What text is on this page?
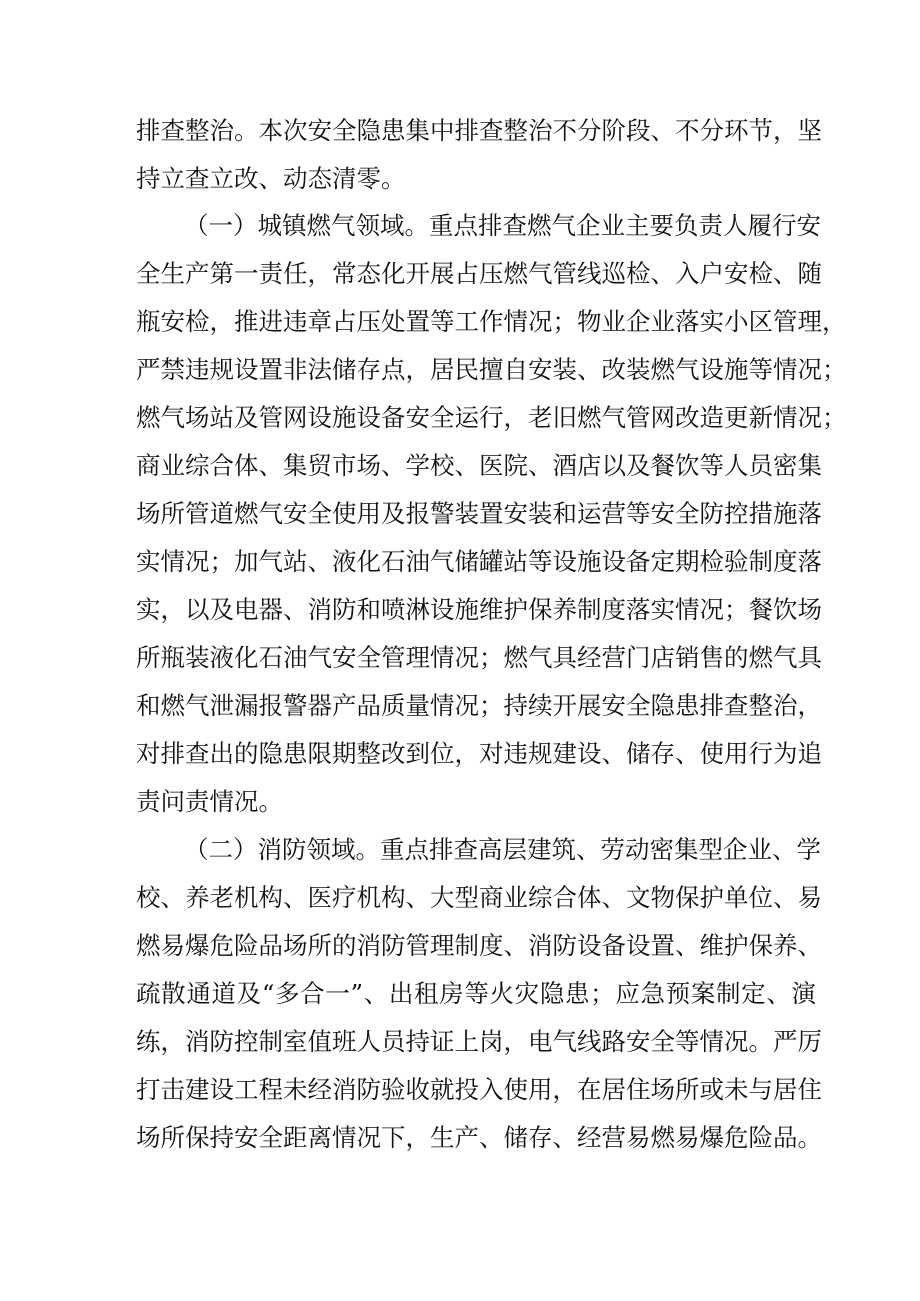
排查整治。本次安全隐患集中排查整治不分阶段、不分环节，坚
持立查立改、动态清零。
（一）城镇燃气领域。重点排查燃气企业主要负责人履行安
全生产第一责任，常态化开展占压燃气管线巡检、入户安检、随
瓶安检，推进违章占压处置等工作情况；物业企业落实小区管理，
严禁违规设置非法储存点，居民擅自安装、改装燃气设施等情况；
燃气场站及管网设施设备安全运行，老旧燃气管网改造更新情况；
商业综合体、集贸市场、学校、医院、酒店以及餐饮等人员密集
场所管道燃气安全使用及报警装置安装和运营等安全防控措施落
实情况；加气站、液化石油气储罐站等设施设备定期检验制度落
实，以及电器、消防和喷淋设施维护保养制度落实情况；餐饮场
所瓶装液化石油气安全管理情况；燃气具经营门店销售的燃气具
和燃气泄漏报警器产品质量情况；持续开展安全隐患排查整治，
对排查出的隐患限期整改到位，对违规建设、储存、使用行为追
责问责情况。
（二）消防领域。重点排查高层建筑、劳动密集型企业、学
校、养老机构、医疗机构、大型商业综合体、文物保护单位、易
燃易爆危险品场所的消防管理制度、消防设备设置、维护保养、
疏散通道及“多合一”、出租房等火灾隐患；应急预案制定、演
练，消防控制室值班人员持证上岗，电气线路安全等情况。严厉
打击建设工程未经消防验收就投入使用，在居住场所或未与居住
场所保持安全距离情况下，生产、储存、经营易燃易爆危险品。
